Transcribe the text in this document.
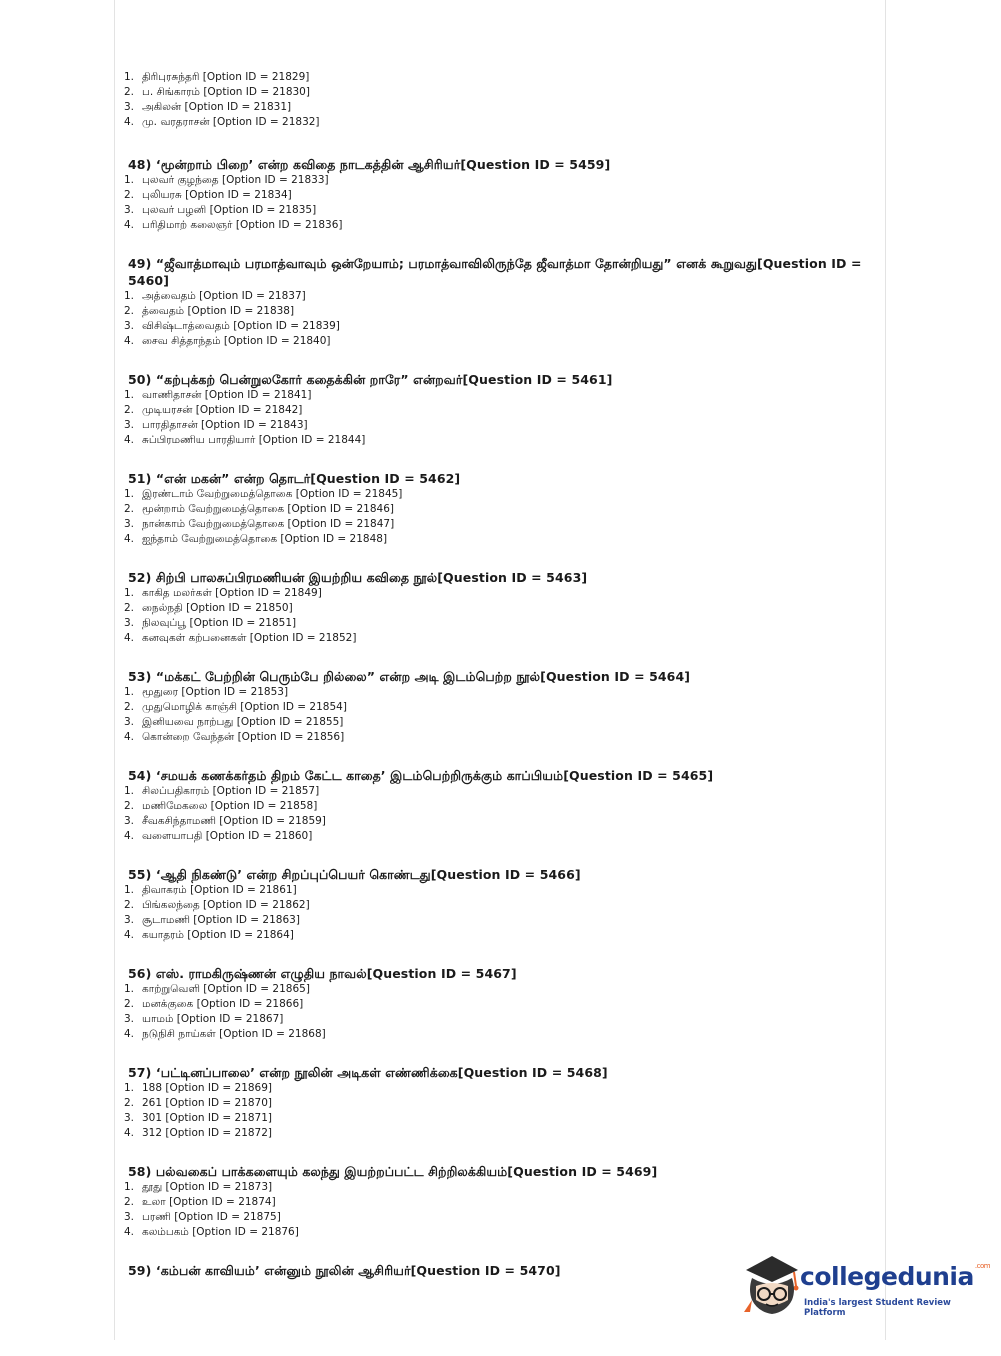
1. திரிபுரசுந்தரி [Option ID = 21829]

2. ப. சிங்காரம் [Option ID = 21830]

3. அகிலன் [Option ID = 21831]

4. மு. வரதராசன் [Option ID = 21832]

48) ‘மூன்றாம் பிறை’ என்ற கவிதை நாடகத்தின் ஆசிரியர்[Question ID = 5459]

1. புலவர் குழந்தை [Option ID = 21833]

2. புலியரசு [Option ID = 21834]

3. புலவர் பழனி [Option ID = 21835]

4. பரிதிமாற் கலைஞர் [Option ID = 21836]

49) “ஜீவாத்மாவும் பரமாத்வாவும் ஒன்றேயாம்; பரமாத்வாவிலிருந்தே ஜீவாத்மா தோன்றியது” எனக் கூறுவது[Question ID = 5460]

1. அத்வைதம் [Option ID = 21837]

2. த்வைதம் [Option ID = 21838]

3. விசிஷ்டாத்வைதம் [Option ID = 21839]

4. சைவ சித்தாந்தம் [Option ID = 21840]

50) “கற்புக்கற் பென்றுலகோர் கதைக்கின் றாரே” என்றவர்[Question ID = 5461]

1. வாணிதாசன் [Option ID = 21841]

2. முடியரசன் [Option ID = 21842]

3. பாரதிதாசன் [Option ID = 21843]

4. சுப்பிரமணிய பாரதியார் [Option ID = 21844]

51) “என் மகன்” என்ற தொடர்[Question ID = 5462]

1. இரண்டாம் வேற்றுமைத்தொகை [Option ID = 21845]

2. மூன்றாம் வேற்றுமைத்தொகை [Option ID = 21846]

3. நான்காம் வேற்றுமைத்தொகை [Option ID = 21847]

4. ஐந்தாம் வேற்றுமைத்தொகை [Option ID = 21848]

52) சிற்பி பாலசுப்பிரமணியன் இயற்றிய கவிதை நூல்[Question ID = 5463]

1. காகித மலர்கள் [Option ID = 21849]

2. நைல்நதி [Option ID = 21850]

3. நிலவுப்பூ [Option ID = 21851]

4. கனவுகள் கற்பனைகள் [Option ID = 21852]

53) “மக்கட் பேற்றின் பெரும்பே றில்லை” என்ற அடி இடம்பெற்ற நூல்[Question ID = 5464]

1. மூதுரை [Option ID = 21853]

2. முதுமொழிக் காஞ்சி [Option ID = 21854]

3. இனியவை நாற்பது [Option ID = 21855]

4. கொன்றை வேந்தன் [Option ID = 21856]

54) ‘சமயக் கணக்கர்தம் திறம் கேட்ட காதை’ இடம்பெற்றிருக்கும் காப்பியம்[Question ID = 5465]

1. சிலப்பதிகாரம் [Option ID = 21857]

2. மணிமேகலை [Option ID = 21858]

3. சீவகசிந்தாமணி [Option ID = 21859]

4. வளையாபதி [Option ID = 21860]

55) ‘ஆதி நிகண்டு’ என்ற சிறப்புப்பெயர் கொண்டது[Question ID = 5466]

1. திவாகரம் [Option ID = 21861]

2. பிங்கலந்தை [Option ID = 21862]

3. சூடாமணி [Option ID = 21863]

4. கயாதரம் [Option ID = 21864]

56) எஸ். ராமகிருஷ்ணன் எழுதிய நாவல்[Question ID = 5467]

1. காற்றுவெளி [Option ID = 21865]

2. மனக்குகை [Option ID = 21866]

3. யாமம் [Option ID = 21867]

4. நடுநிசி நாய்கள் [Option ID = 21868]

57) ‘பட்டினப்பாலை’ என்ற நூலின் அடிகள் எண்ணிக்கை[Question ID = 5468]

1. 188 [Option ID = 21869]

2. 261 [Option ID = 21870]

3. 301 [Option ID = 21871]

4. 312 [Option ID = 21872]

58) பல்வகைப் பாக்களையும் கலந்து இயற்றப்பட்ட சிற்றிலக்கியம்[Question ID = 5469]

1. தூது [Option ID = 21873]

2. உலா [Option ID = 21874]

3. பரணி [Option ID = 21875]

4. கலம்பகம் [Option ID = 21876]

59) ‘கம்பன் காவியம்’ என்னும் நூலின் ஆசிரியர்[Question ID = 5470]	collegedunia$^{.com}$
India's largest Student Review Platform
